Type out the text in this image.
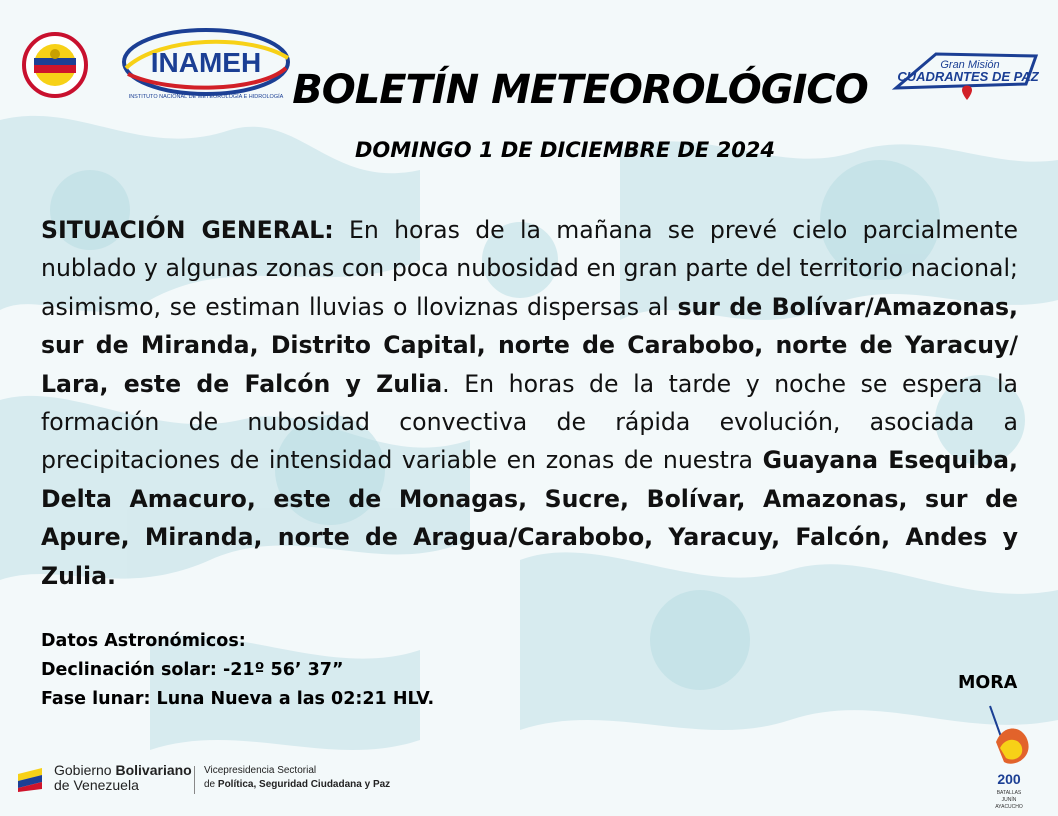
INAMEH
INSTITUTO NACIONAL DE METEOROLOGÍA E HIDROLOGÍA
Gran Misión
CUADRANTES DE PAZ
BOLETÍN METEOROLÓGICO
DOMINGO 1 DE DICIEMBRE DE 2024
SITUACIÓN GENERAL: En horas de la mañana se prevé cielo parcialmente nublado y algunas zonas con poca nubosidad en gran parte del territorio nacional; asimismo, se estiman lluvias o lloviznas dispersas al sur de Bolívar/Amazonas, sur de Miranda, Distrito Capital, norte de Carabobo, norte de Yaracuy/ Lara, este de Falcón y Zulia. En horas de la tarde y noche se espera la formación de nubosidad convectiva de rápida evolución, asociada a precipitaciones de intensidad variable en zonas de nuestra Guayana Esequiba, Delta Amacuro, este de Monagas, Sucre, Bolívar, Amazonas, sur de Apure, Miranda, norte de Aragua/Carabobo, Yaracuy, Falcón, Andes y Zulia.
Datos Astronómicos:
Declinación solar: -21º 56’ 37”
Fase lunar: Luna Nueva a las 02:21 HLV.
MORA
200
BATALLAS
JUNÍN
AYACUCHO
Gobierno Bolivariano
de Venezuela
Vicepresidencia Sectorial
de Política, Seguridad Ciudadana y Paz
